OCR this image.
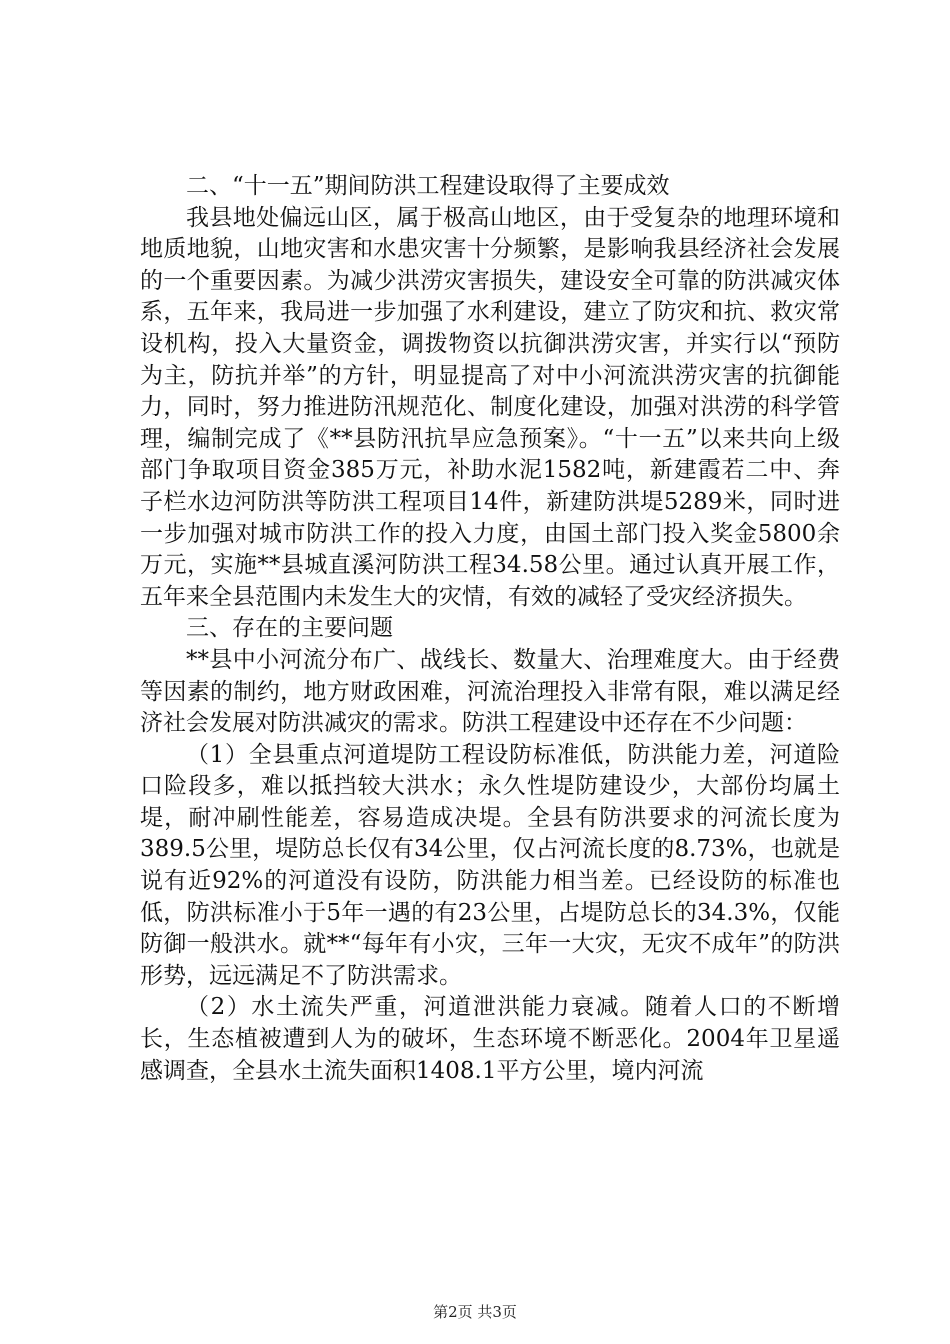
二、“十一五”期间防洪工程建设取得了主要成效

我县地处偏远山区，属于极高山地区，由于受复杂的地理环境和地质地貌，山地灾害和水患灾害十分频繁，是影响我县经济社会发展的一个重要因素。为减少洪涝灾害损失，建设安全可靠的防洪减灾体系，五年来，我局进一步加强了水利建设，建立了防灾和抗、救灾常设机构，投入大量资金，调拨物资以抗御洪涝灾害，并实行以“预防为主，防抗并举”的方针，明显提高了对中小河流洪涝灾害的抗御能力，同时，努力推进防汛规范化、制度化建设，加强对洪涝的科学管理，编制完成了《**县防汛抗旱应急预案》。“十一五”以来共向上级部门争取项目资金385万元，补助水泥1582吨，新建霞若二中、奔子栏水边河防洪等防洪工程项目14件，新建防洪堤5289米，同时进一步加强对城市防洪工作的投入力度，由国土部门投入奖金5800余万元，实施**县城直溪河防洪工程34.58公里。通过认真开展工作，五年来全县范围内未发生大的灾情，有效的减轻了受灾经济损失。

三、存在的主要问题

**县中小河流分布广、战线长、数量大、治理难度大。由于经费等因素的制约，地方财政困难，河流治理投入非常有限，难以满足经济社会发展对防洪减灾的需求。防洪工程建设中还存在不少问题：

（1）全县重点河道堤防工程设防标准低，防洪能力差，河道险口险段多，难以抵挡较大洪水；永久性堤防建设少，大部份均属土堤，耐冲刷性能差，容易造成决堤。全县有防洪要求的河流长度为389.5公里，堤防总长仅有34公里，仅占河流长度的8.73%，也就是说有近92%的河道没有设防，防洪能力相当差。已经设防的标准也低，防洪标准小于5年一遇的有23公里，占堤防总长的34.3%，仅能防御一般洪水。就**“每年有小灾，三年一大灾，无灾不成年”的防洪形势，远远满足不了防洪需求。

（2）水土流失严重，河道泄洪能力衰减。随着人口的不断增长，生态植被遭到人为的破坏，生态环境不断恶化。2004年卫星遥感调查，全县水土流失面积1408.1平方公里，境内河流

第2页 共3页
